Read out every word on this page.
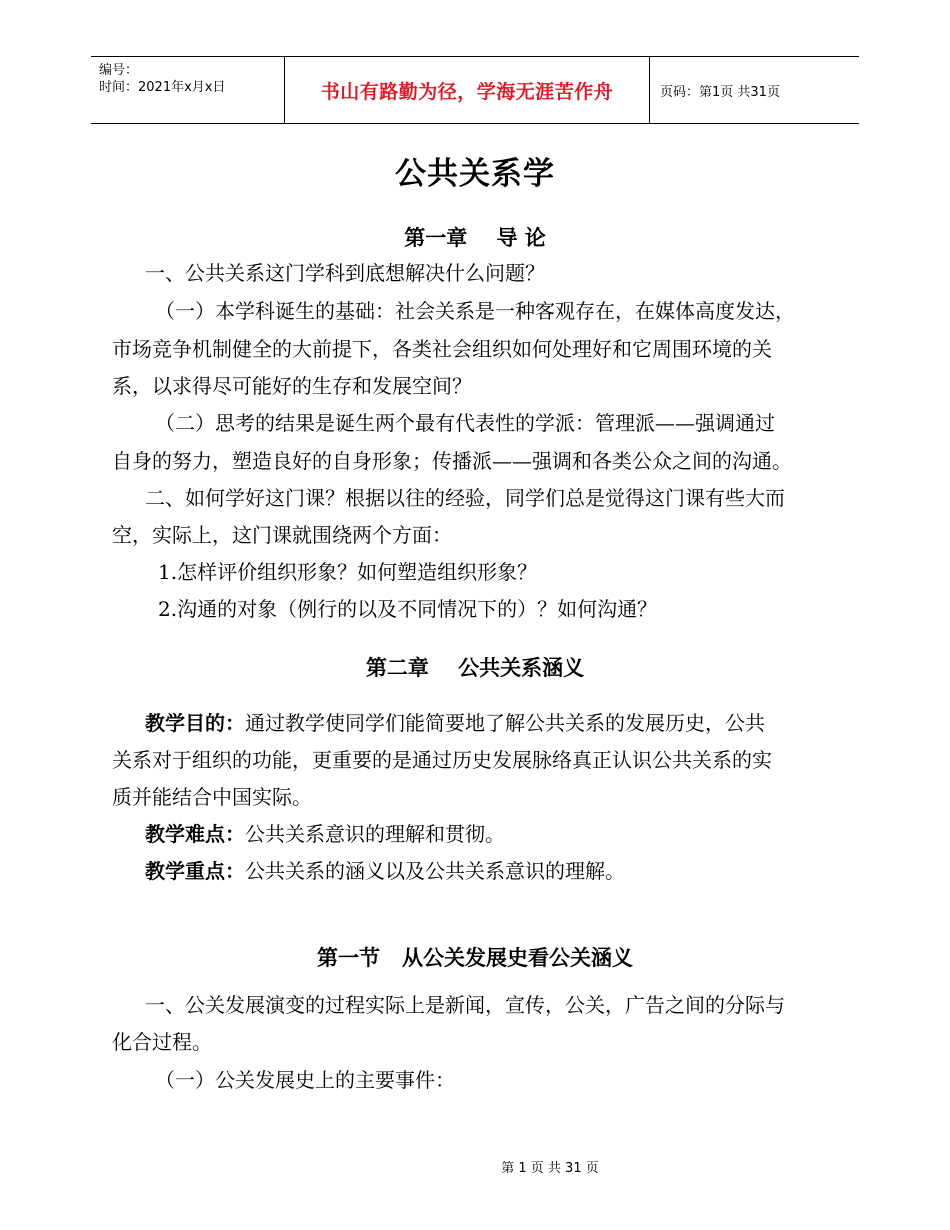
编号：
时间：2021年x月x日	书山有路勤为径，学海无涯苦作舟	页码：第1页 共31页
公共关系学
第一章    导 论
一、公共关系这门学科到底想解决什么问题？
（一）本学科诞生的基础：社会关系是一种客观存在，在媒体高度发达，
市场竞争机制健全的大前提下，各类社会组织如何处理好和它周围环境的关
系，以求得尽可能好的生存和发展空间？
（二）思考的结果是诞生两个最有代表性的学派：管理派——强调通过
自身的努力，塑造良好的自身形象；传播派——强调和各类公众之间的沟通。
二、如何学好这门课？根据以往的经验，同学们总是觉得这门课有些大而
空，实际上，这门课就围绕两个方面：
1.怎样评价组织形象？如何塑造组织形象？
2.沟通的对象（例行的以及不同情况下的）？如何沟通？
第二章    公共关系涵义
教学目的：通过教学使同学们能简要地了解公共关系的发展历史，公共
关系对于组织的功能，更重要的是通过历史发展脉络真正认识公共关系的实
质并能结合中国实际。
教学难点：公共关系意识的理解和贯彻。
教学重点：公共关系的涵义以及公共关系意识的理解。
第一节   从公关发展史看公关涵义
一、公关发展演变的过程实际上是新闻，宣传，公关，广告之间的分际与
化合过程。
（一）公关发展史上的主要事件：
第 1 页 共 31 页
